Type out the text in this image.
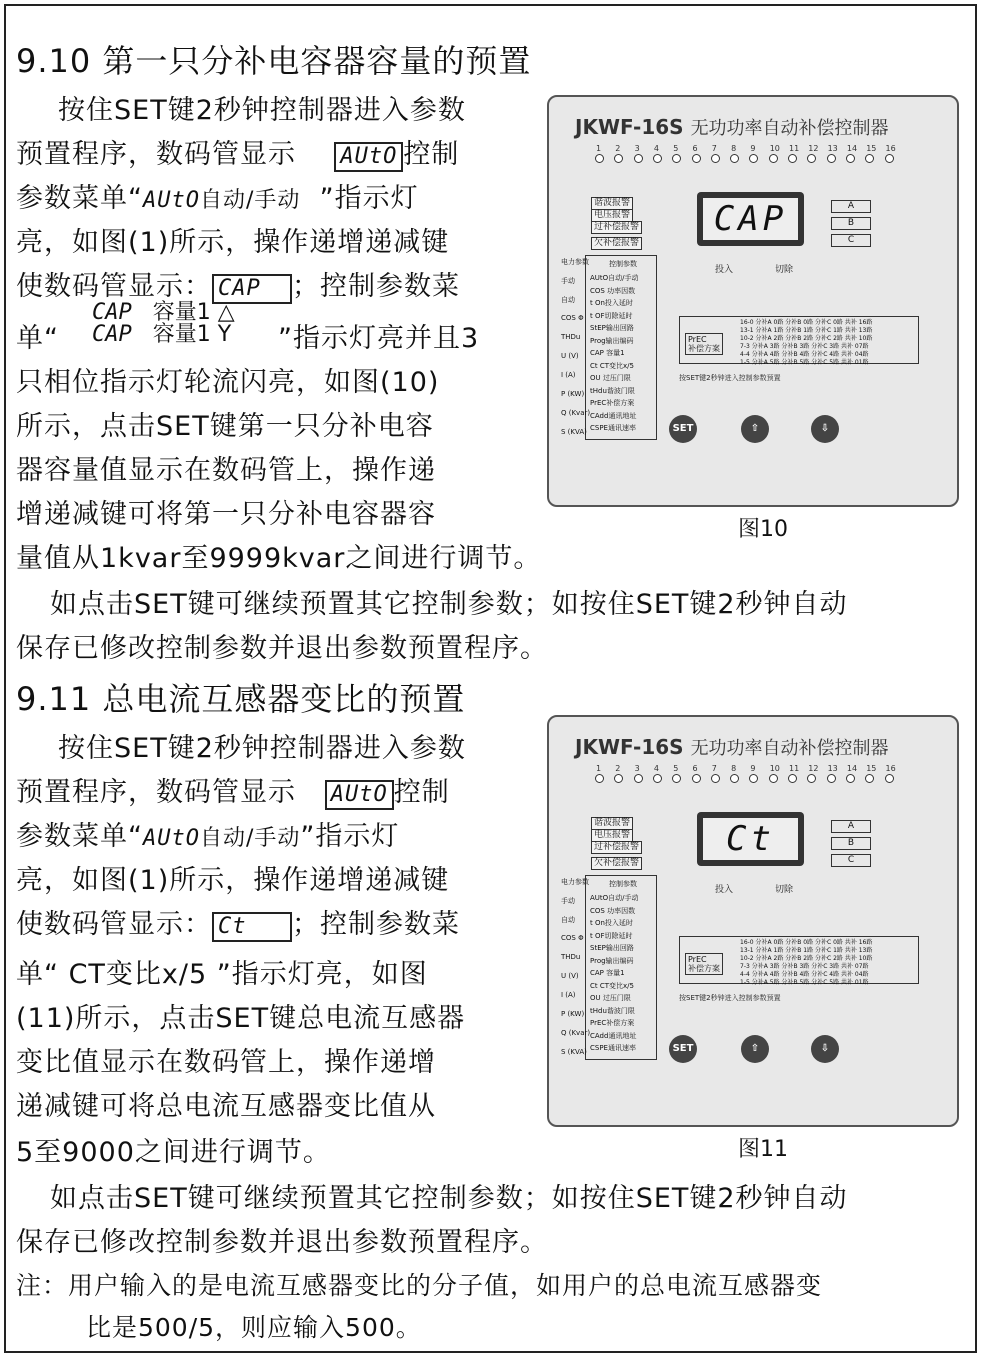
9.10 第一只分补电容器容量的预置
按住SET键2秒钟控制器进入参数
预置程序，数码管显示 AUtO 控制
参数菜单“AUtO自动/手动 ”指示灯
亮，如图(1)所示，操作递增递减键
使数码管显示： CAP ；控制参数菜
单“
CAP 容量1 △
CAP 容量1 Y ”指示灯亮并且3
只相位指示灯轮流闪亮，如图(10)
所示，点击SET键第一只分补电容
器容量值显示在数码管上，操作递
增递减键可将第一只分补电容器容
量值从1kvar至9999kvar之间进行调节。
如点击SET键可继续预置其它控制参数；如按住SET键2秒钟自动
保存已修改控制参数并退出参数预置程序。
JKWF-16S 无功功率自动补偿控制器
CAP
谐波报警
电压报警
过补偿报警
欠补偿报警
A
B
C
投入	切除
控制参数
AUtO自动/手动
COS 功率因数
t On投入延时
t OF切除延时
StEP输出回路
Prog输出编码
CAP 容量1
Ct CT变比x/5
OU 过压门限
tHdu谐波门限
PrEC补偿方案
CAdd通讯地址
CSPE通讯速率
16-0 分补A 0路 分补B 0路 分补C 0路 共补 16路
13-1 分补A 1路 分补B 1路 分补C 1路 共补 13路
10-2 分补A 2路 分补B 2路 分补C 2路 共补 10路
7-3 分补A 3路 分补B 3路 分补C 3路 共补 07路
4-4 分补A 4路 分补B 4路 分补C 4路 共补 04路
1-5 分补A 5路 分补B 5路 分补C 5路 共补 01路
PrEC
补偿方案
按SET键2秒钟进入控制参数预置
SET	⇧	⇩
1 2 3 4 5 6 7 8 9 10 11 12 13 14 15 16
电力参数
手动
自动
COS Φ
THDu
U (V)
I (A)
P (KW)
Q (Kvar)
S (KVA)
图10
9.11 总电流互感器变比的预置
按住SET键2秒钟控制器进入参数
预置程序，数码管显示 AUtO 控制
参数菜单“AUtO自动/手动”指示灯
亮，如图(1)所示，操作递增递减键
使数码管显示： Ct ；控制参数菜
单“ CT变比x/5 ”指示灯亮，如图
(11)所示，点击SET键总电流互感器
变比值显示在数码管上，操作递增
递减键可将总电流互感器变比值从
5至9000之间进行调节。
如点击SET键可继续预置其它控制参数；如按住SET键2秒钟自动
保存已修改控制参数并退出参数预置程序。
JKWF-16S 无功功率自动补偿控制器
Ct
谐波报警
电压报警
过补偿报警
欠补偿报警
A
B
C
投入	切除
控制参数
AUtO自动/手动
COS 功率因数
t On投入延时
t OF切除延时
StEP输出回路
Prog输出编码
CAP 容量1
Ct CT变比x/5
OU 过压门限
tHdu谐波门限
PrEC补偿方案
CAdd通讯地址
CSPE通讯速率
16-0 分补A 0路 分补B 0路 分补C 0路 共补 16路
13-1 分补A 1路 分补B 1路 分补C 1路 共补 13路
10-2 分补A 2路 分补B 2路 分补C 2路 共补 10路
7-3 分补A 3路 分补B 3路 分补C 3路 共补 07路
4-4 分补A 4路 分补B 4路 分补C 4路 共补 04路
1-5 分补A 5路 分补B 5路 分补C 5路 共补 01路
PrEC
补偿方案
按SET键2秒钟进入控制参数预置
SET	⇧	⇩
1 2 3 4 5 6 7 8 9 10 11 12 13 14 15 16
电力参数
手动
自动
COS Φ
THDu
U (V)
I (A)
P (KW)
Q (Kvar)
S (KVA)
图11
注：用户输入的是电流互感器变比的分子值，如用户的总电流互感器变
比是500/5，则应输入500。
